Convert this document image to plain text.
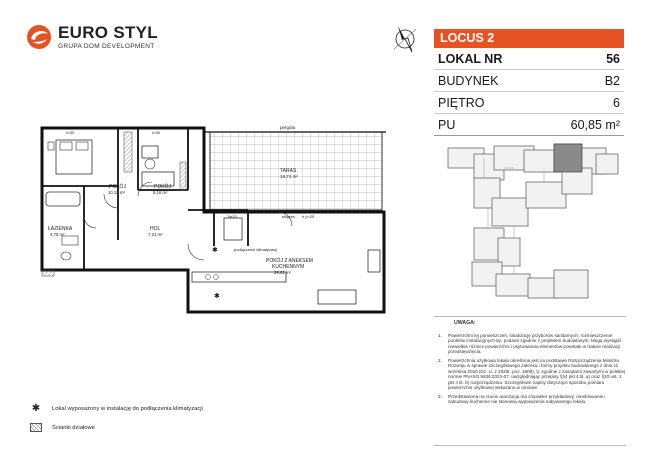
EURO STYL
GRUPA DOM DEVELOPMENT
LOCUS 2
LOKAL NR	56
BUDYNEK	B2
PIĘTRO	6
PU	60,85 m²
UWAGA:
1. Powierzchni tej pomieszczeń, lokalizację przyborów sanitarnych, rozmieszczenie punktów instalacyjnych itp. podano zgodnie z projektem budowlanym. Mogą wystąpić niewielkie różnice powierzchni i usytuowania elementów powstałe w trakcie realizacji przedsięwzięcia.
2. Powierzchnia użytkowa lokalu określona jest na podstawie Rozporządzenia Ministra Rozwoju w sprawie szczegółowego zakresu i formy projektu budowlanego z dnia 11 września 2020 (Dz. U. z 2020r. poz. 1609), tj. zgodnie z zasadami zawartymi w polskiej normie PN-ISO 9836:2022-07, uwzględniając przepisy §34 pkt 4 lit. a) oraz §20 ust. 1 pkt 4 lit. b) rozporządzenia. Szczegółowe zapisy dotyczące sposobu pomiaru powierzchni użytkowej wskazano w umowie.
3. Przedstawiona na rzucie aranżacja ma charakter przykładowy, umeblowanie i zabudowy kuchenne nie stanowią wyposażenia nabywanego lokalu.
✱	Lokal wyposażony w instalację do podłączenia klimatyzacji
Ścianki działowe
pergola
TARAS
19,74 m²
POKÓJ
10,12 m²
POKÓJ
9,16 m²
ŁAZIENKA
4,75 m²
HOL
7,21 m²
Nr20
POKÓJ Z ANEKSEM
KUCHENNYM
29,61 m²
podłączenie klimatyzacji
stopień h p=25
h=50	h=50
✱
✱
